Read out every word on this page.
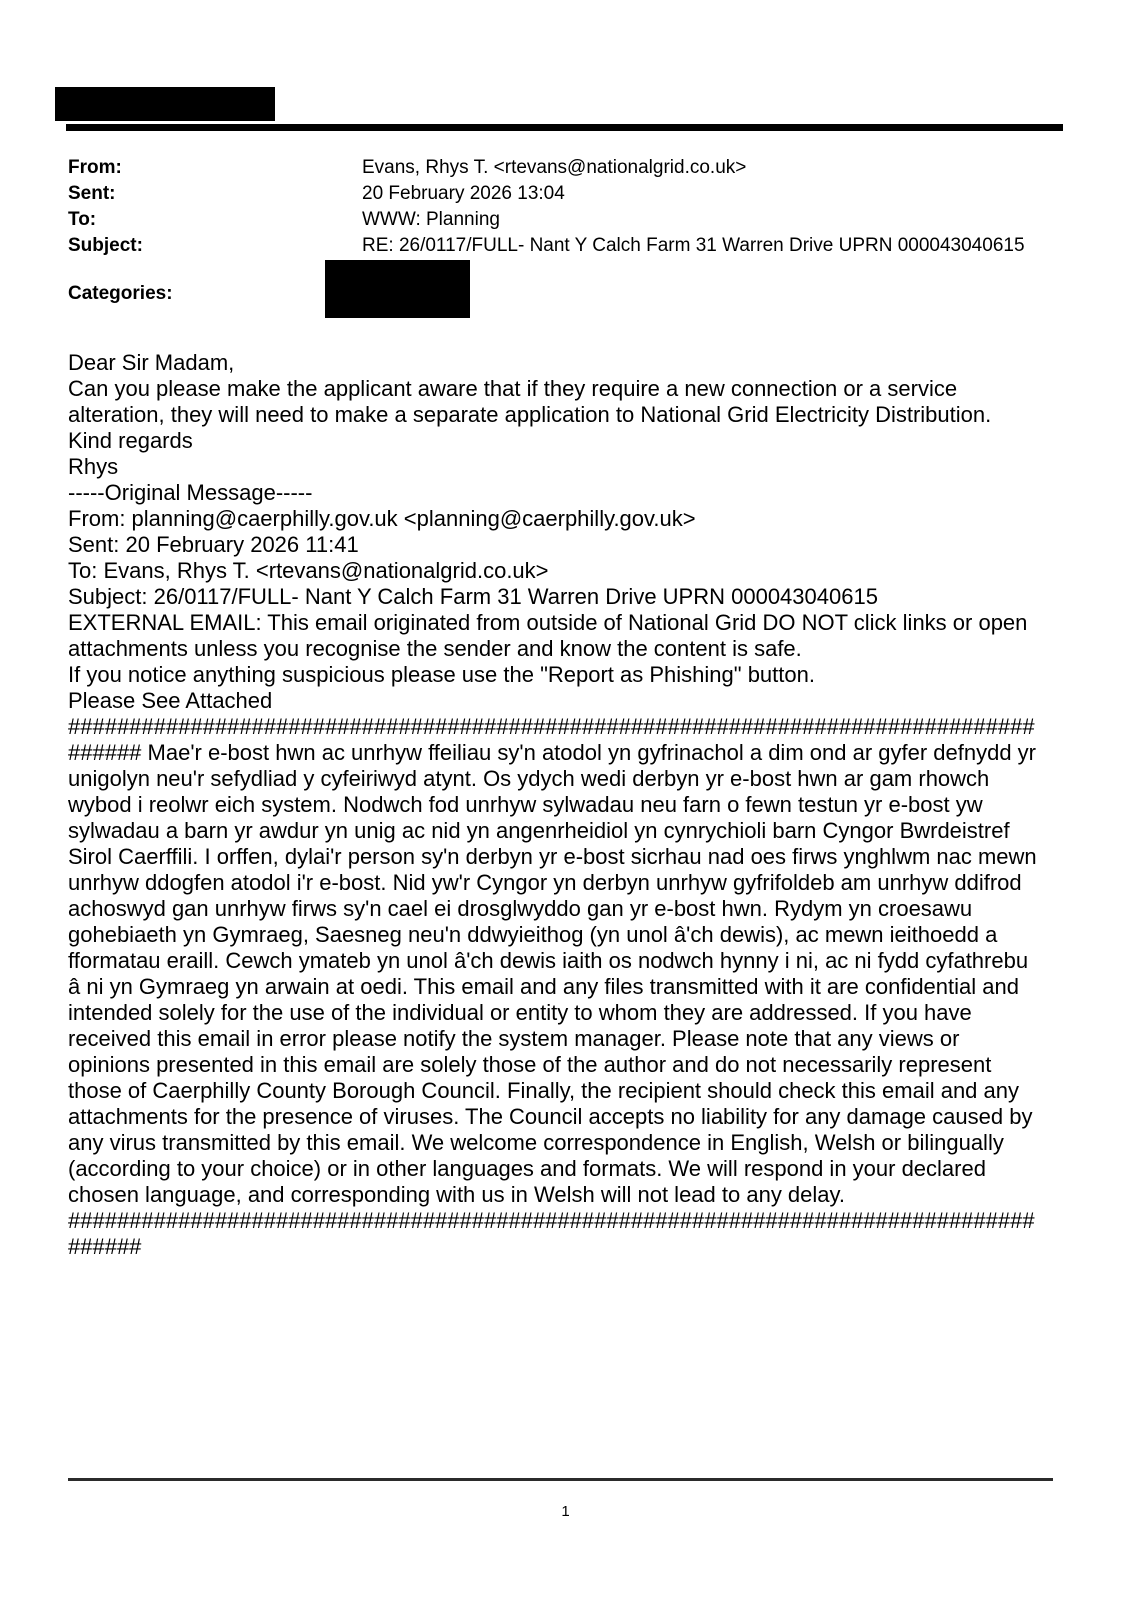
From:	Evans, Rhys T. <rtevans@nationalgrid.co.uk>
Sent:	20 February 2026 13:04
To:	WWW: Planning
Subject:	RE: 26/0117/FULL- Nant Y Calch Farm 31 Warren Drive UPRN 000043040615
Categories:

Dear Sir Madam,

Can you please make the applicant aware that if they require a new connection or a service alteration, they will need to make a separate application to National Grid Electricity Distribution.

Kind regards
Rhys

-----Original Message-----
From: planning@caerphilly.gov.uk <planning@caerphilly.gov.uk>
Sent: 20 February 2026 11:41
To: Evans, Rhys T. <rtevans@nationalgrid.co.uk>
Subject: 26/0117/FULL- Nant Y Calch Farm 31 Warren Drive UPRN 000043040615

EXTERNAL EMAIL: This email originated from outside of National Grid DO NOT click links or open attachments unless you recognise the sender and know the content is safe.
If you notice anything suspicious please use the "Report as Phishing" button.

Please See Attached

##################################################################################### Mae'r e-bost hwn ac unrhyw ffeiliau sy'n atodol yn gyfrinachol a dim ond ar gyfer defnydd yr unigolyn neu'r sefydliad y cyfeiriwyd atynt. Os ydych wedi derbyn yr e-bost hwn ar gam rhowch wybod i reolwr eich system. Nodwch fod unrhyw sylwadau neu farn o fewn testun yr e-bost yw sylwadau a barn yr awdur yn unig ac nid yn angenrheidiol yn cynrychioli barn Cyngor Bwrdeistref Sirol Caerffili. I orffen, dylai'r person sy'n derbyn yr e-bost sicrhau nad oes firws ynghlwm nac mewn unrhyw ddogfen atodol i'r e-bost. Nid yw'r Cyngor yn derbyn unrhyw gyfrifoldeb am unrhyw ddifrod achoswyd gan unrhyw firws sy'n cael ei drosglwyddo gan yr e-bost hwn. Rydym yn croesawu gohebiaeth yn Gymraeg, Saesneg neu'n ddwyieithog (yn unol â'ch dewis), ac mewn ieithoedd a fformatau eraill. Cewch ymateb yn unol â'ch dewis iaith os nodwch hynny i ni, ac ni fydd cyfathrebu â ni yn Gymraeg yn arwain at oedi. This email and any files transmitted with it are confidential and intended solely for the use of the individual or entity to whom they are addressed. If you have received this email in error please notify the system manager. Please note that any views or opinions presented in this email are solely those of the author and do not necessarily represent those of Caerphilly County Borough Council. Finally, the recipient should check this email and any attachments for the presence of viruses. The Council accepts no liability for any damage caused by any virus transmitted by this email. We welcome correspondence in English, Welsh or bilingually (according to your choice) or in other languages and formats. We will respond in your declared chosen language, and corresponding with us in Welsh will not lead to any delay.
#####################################################################################

1
